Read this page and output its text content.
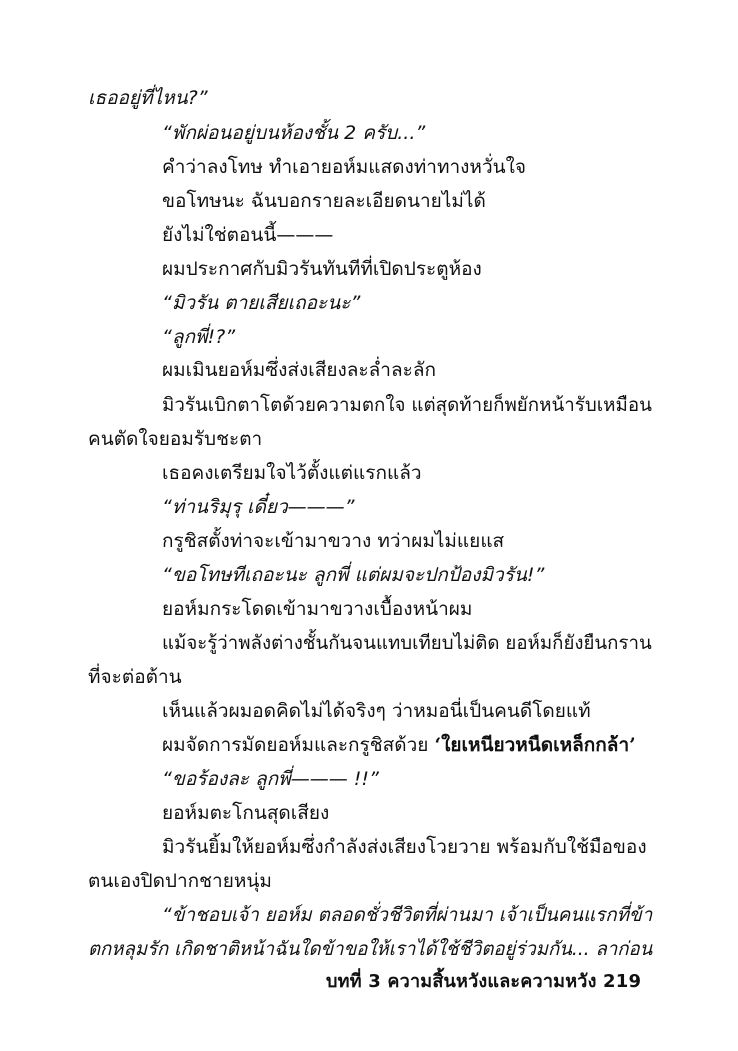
เธออยู่ที่ไหน?”
“พักผ่อนอยู่บนห้องชั้น 2 ครับ...”
คำว่าลงโทษ ทำเอายอห์มแสดงท่าทางหวั่นใจ
ขอโทษนะ ฉันบอกรายละเอียดนายไม่ได้
ยังไม่ใช่ตอนนี้———
ผมประกาศกับมิวรันทันทีที่เปิดประตูห้อง
“มิวรัน ตายเสียเถอะนะ”
“ลูกพี่!?”
ผมเมินยอห์มซึ่งส่งเสียงละล่ำละลัก
มิวรันเบิกตาโตด้วยความตกใจ แต่สุดท้ายก็พยักหน้ารับเหมือน
คนตัดใจยอมรับชะตา
เธอคงเตรียมใจไว้ตั้งแต่แรกแล้ว
“ท่านริมุรุ เดี๋ยว———”
กรูชิสตั้งท่าจะเข้ามาขวาง ทว่าผมไม่แยแส
“ขอโทษทีเถอะนะ ลูกพี่ แต่ผมจะปกป้องมิวรัน!”
ยอห์มกระโดดเข้ามาขวางเบื้องหน้าผม
แม้จะรู้ว่าพลังต่างชั้นกันจนแทบเทียบไม่ติด ยอห์มก็ยังยืนกราน
ที่จะต่อต้าน
เห็นแล้วผมอดคิดไม่ได้จริงๆ ว่าหมอนี่เป็นคนดีโดยแท้
ผมจัดการมัดยอห์มและกรูชิสด้วย ‘ใยเหนียวหนืดเหล็กกล้า’
“ขอร้องละ ลูกพี่——— !!”
ยอห์มตะโกนสุดเสียง
มิวรันยิ้มให้ยอห์มซึ่งกำลังส่งเสียงโวยวาย พร้อมกับใช้มือของ
ตนเองปิดปากชายหนุ่ม
“ข้าชอบเจ้า ยอห์ม ตลอดชั่วชีวิตที่ผ่านมา เจ้าเป็นคนแรกที่ข้า
ตกหลุมรัก เกิดชาติหน้าฉันใดข้าขอให้เราได้ใช้ชีวิตอยู่ร่วมกัน... ลาก่อน
บทที่ 3 ความสิ้นหวังและความหวัง 219
